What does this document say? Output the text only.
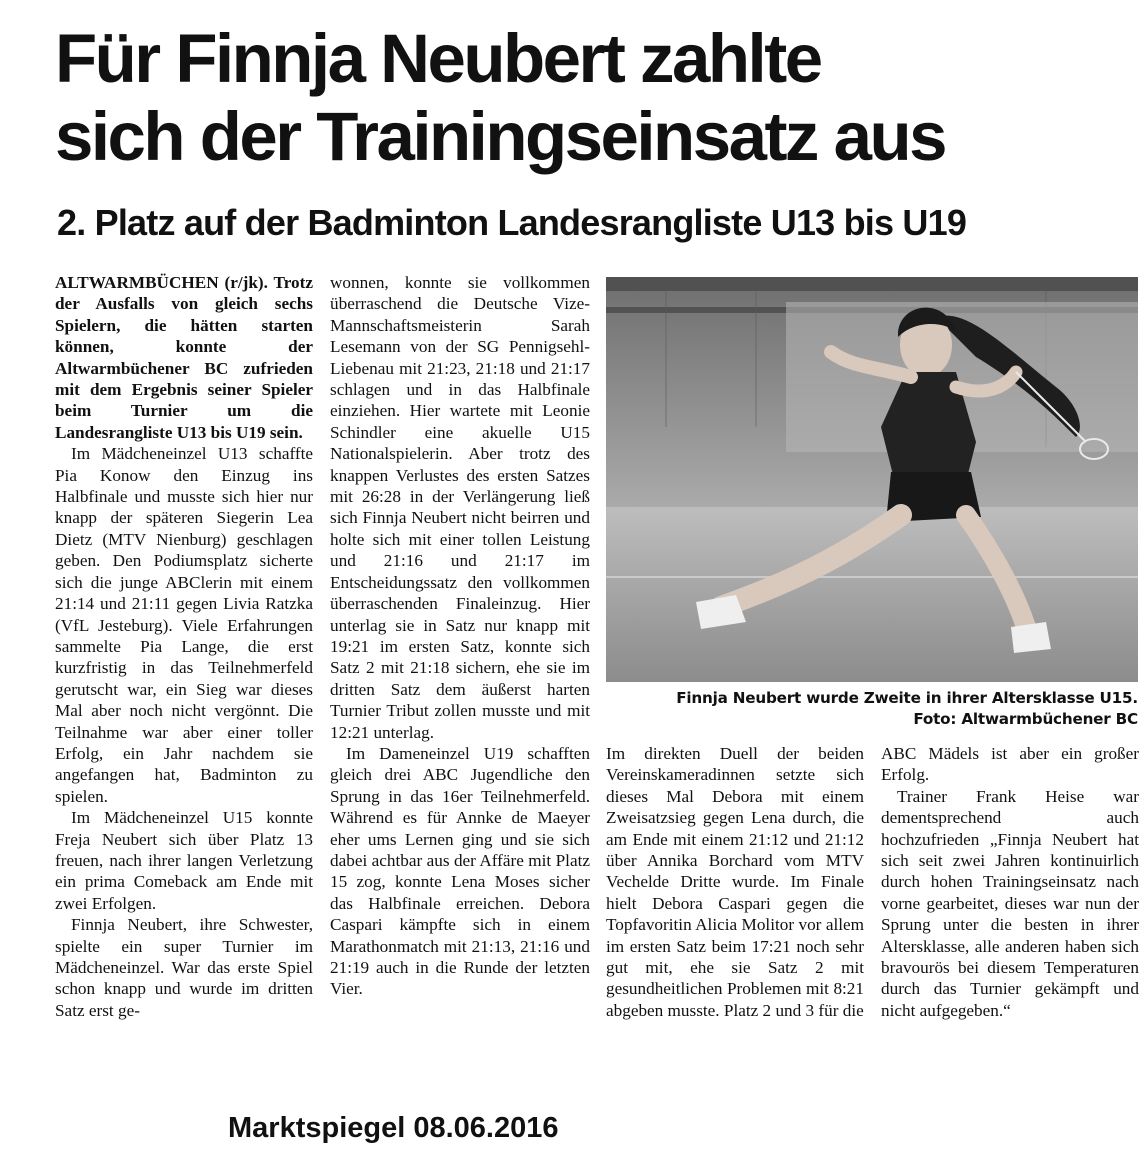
Für Finnja Neubert zahlte
sich der Trainingseinsatz aus
2. Platz auf der Badminton Landesrangliste U13 bis U19

ALTWARMBÜCHEN (r/jk). Trotz der Ausfalls von gleich sechs Spielern, die hätten starten können, konnte der Altwarmbüchener BC zufrieden mit dem Ergebnis seiner Spieler beim Turnier um die Landesrangliste U13 bis U19 sein.

Im Mädcheneinzel U13 schaffte Pia Konow den Einzug ins Halbfinale und musste sich hier nur knapp der späteren Siegerin Lea Dietz (MTV Nienburg) geschlagen geben. Den Podiumsplatz sicherte sich die junge ABClerin mit einem 21:14 und 21:11 gegen Livia Ratzka (VfL Jesteburg). Viele Erfahrungen sammelte Pia Lange, die erst kurzfristig in das Teilnehmerfeld gerutscht war, ein Sieg war dieses Mal aber noch nicht vergönnt. Die Teilnahme war aber einer toller Erfolg, ein Jahr nachdem sie angefangen hat, Badminton zu spielen.

Im Mädcheneinzel U15 konnte Freja Neubert sich über Platz 13 freuen, nach ihrer langen Verletzung ein prima Comeback am Ende mit zwei Erfolgen.

Finnja Neubert, ihre Schwester, spielte ein super Turnier im Mädcheneinzel. War das erste Spiel schon knapp und wurde im dritten Satz erst ge-

wonnen, konnte sie vollkommen überraschend die Deutsche Vize-Mannschaftsmeisterin Sarah Lesemann von der SG Pennigsehl-Liebenau mit 21:23, 21:18 und 21:17 schlagen und in das Halbfinale einziehen. Hier wartete mit Leonie Schindler eine akuelle U15 Nationalspielerin. Aber trotz des knappen Verlustes des ersten Satzes mit 26:28 in der Verlängerung ließ sich Finnja Neubert nicht beirren und holte sich mit einer tollen Leistung und 21:16 und 21:17 im Entscheidungssatz den vollkommen überraschenden Finaleinzug. Hier unterlag sie in Satz nur knapp mit 19:21 im ersten Satz, konnte sich Satz 2 mit 21:18 sichern, ehe sie im dritten Satz dem äußerst harten Turnier Tribut zollen musste und mit 12:21 unterlag.

Im Dameneinzel U19 schafften gleich drei ABC Jugendliche den Sprung in das 16er Teilnehmerfeld. Während es für Annke de Maeyer eher ums Lernen ging und sie sich dabei achtbar aus der Affäre mit Platz 15 zog, konnte Lena Moses sicher das Halbfinale erreichen. Debora Caspari kämpfte sich in einem Marathonmatch mit 21:13, 21:16 und 21:19 auch in die Runde der letzten Vier.

Finnja Neubert wurde Zweite in ihrer Altersklasse U15.
Foto: Altwarmbüchener BC

Im direkten Duell der beiden Vereinskameradinnen setzte sich dieses Mal Debora mit einem Zweisatzsieg gegen Lena durch, die am Ende mit einem 21:12 und 21:12 über Annika Borchard vom MTV Vechelde Dritte wurde. Im Finale hielt Debora Caspari gegen die Topfavoritin Alicia Molitor vor allem im ersten Satz beim 17:21 noch sehr gut mit, ehe sie Satz 2 mit gesundheitlichen Problemen mit 8:21 abgeben musste. Platz 2 und 3 für die

ABC Mädels ist aber ein großer Erfolg.

Trainer Frank Heise war dementsprechend auch hochzufrieden „Finnja Neubert hat sich seit zwei Jahren kontinuirlich durch hohen Trainingseinsatz nach vorne gearbeitet, dieses war nun der Sprung unter die besten in ihrer Altersklasse, alle anderen haben sich bravourös bei diesem Temperaturen durch das Turnier gekämpft und nicht aufgegeben.“

Marktspiegel 08.06.2016
